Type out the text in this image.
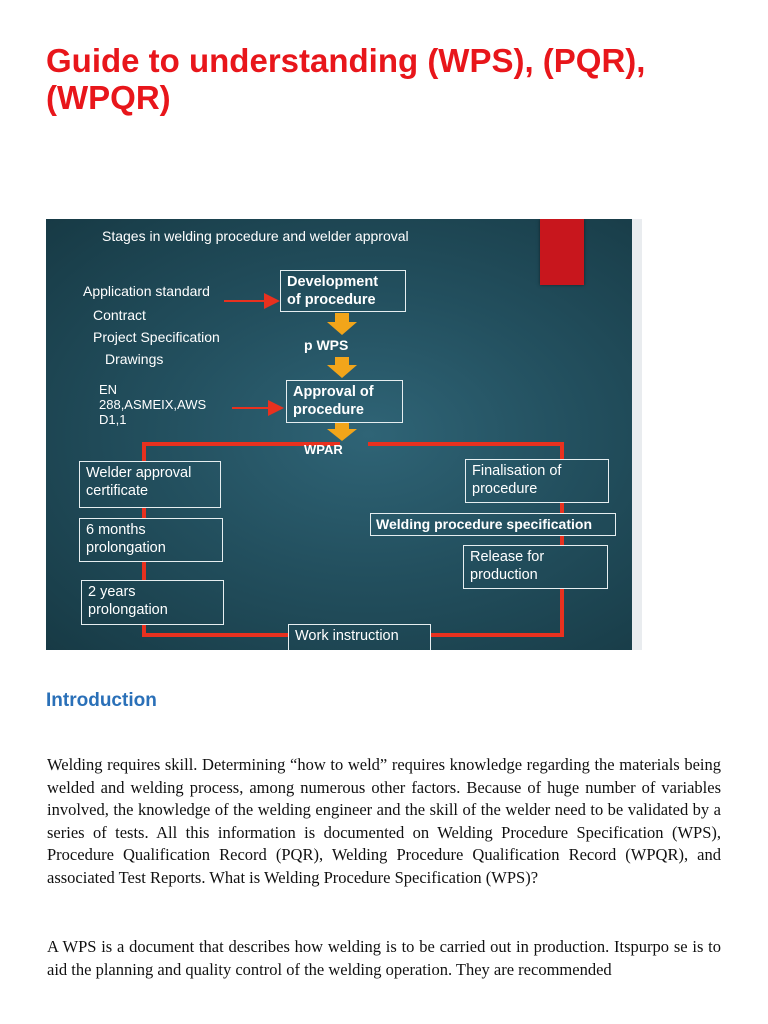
Guide to understanding (WPS), (PQR),
(WPQR)
Stages in welding procedure and welder approval
Application standard
Contract
Project Specification
Drawings
EN
288,ASMEIX,AWS
D1,1
Development
of procedure
p WPS
Approval of
procedure
WPAR
Welder approval
certificate
6 months
prolongation
2 years
prolongation
Finalisation of
procedure
Welding procedure specification
Release for
production
Work instruction
Introduction

Welding requires skill. Determining “how to weld” requires knowledge regarding the materials being welded and welding process, among numerous other factors. Because of huge number of variables involved, the knowledge of the welding engineer and the skill of the welder need to be validated by a series of tests. All this information is documented on Welding Procedure Specification (WPS), Procedure Qualification Record (PQR), Welding Procedure Qualification Record (WPQR), and associated Test Reports. What is Welding Procedure Specification (WPS)?

A WPS is a document that describes how welding is to be carried out in production. Itspurpo se is to aid the planning and quality control of the welding operation. They are recommended
